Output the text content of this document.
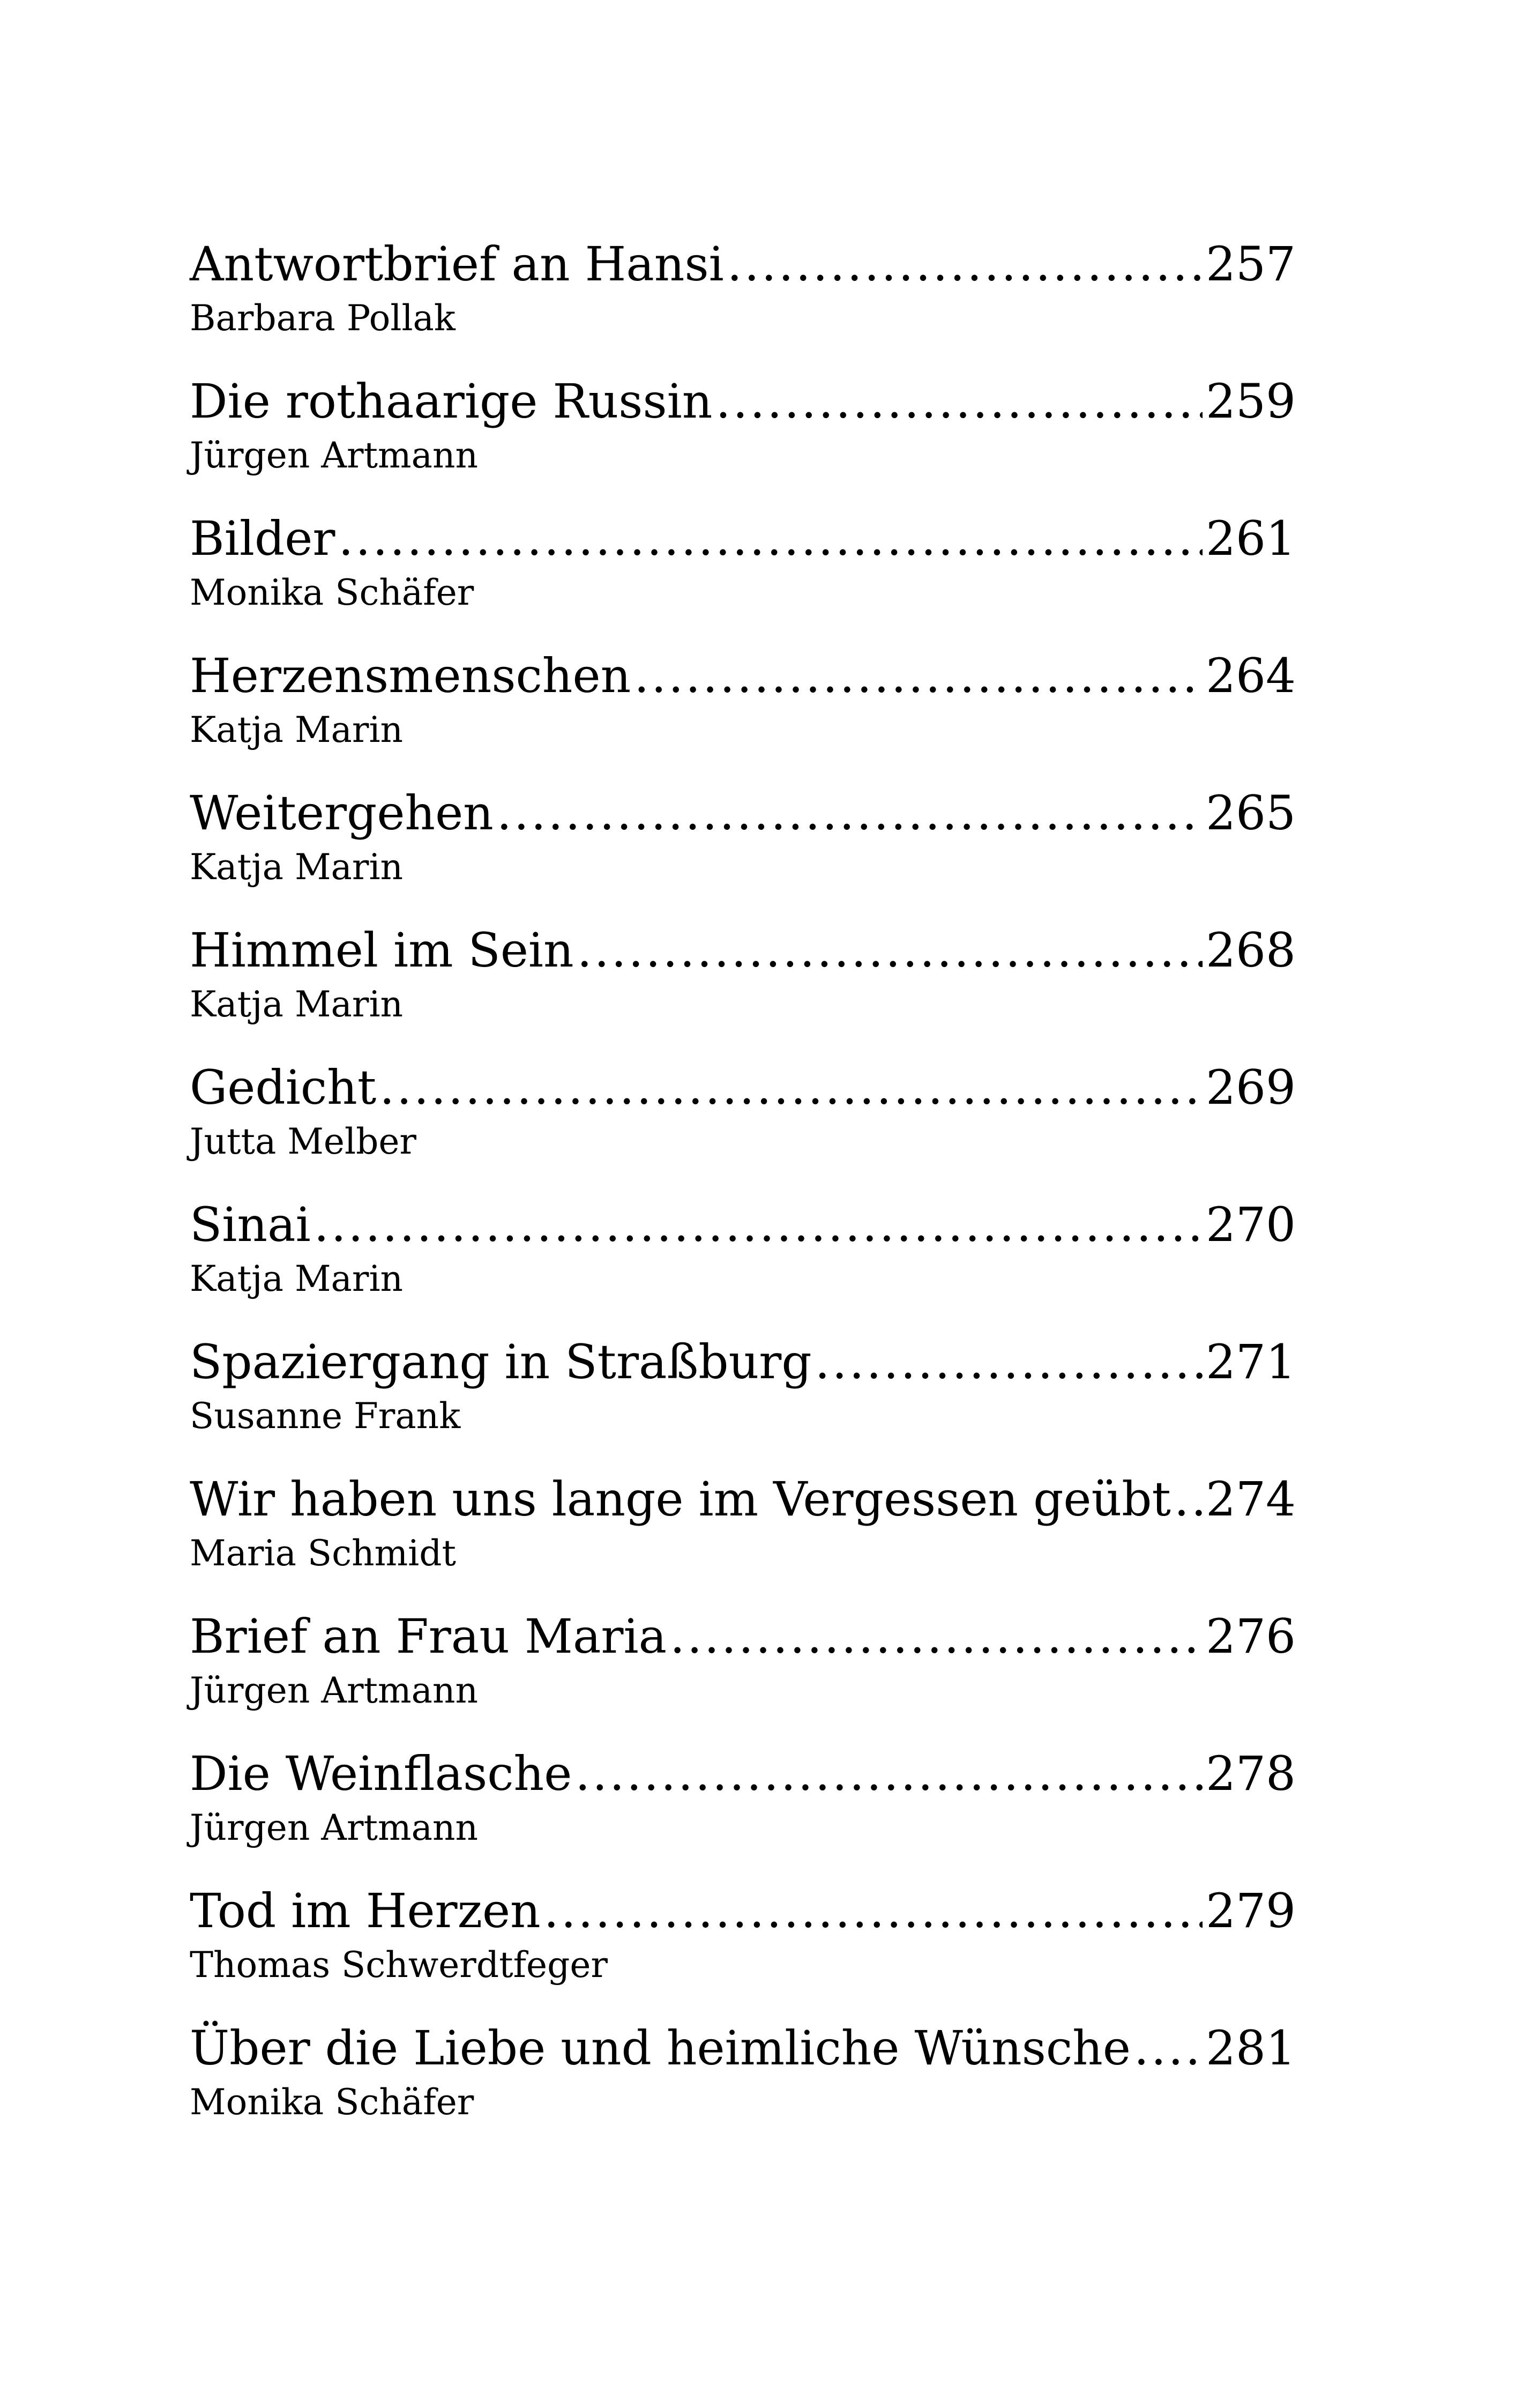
Antwortbrief an Hansi .....	257
Barbara Pollak
Die rothaarige Russin .....	259
Jürgen Artmann
Bilder .....	261
Monika Schäfer
Herzensmenschen .....	264
Katja Marin
Weitergehen .....	265
Katja Marin
Himmel im Sein .....	268
Katja Marin
Gedicht .....	269
Jutta Melber
Sinai .....	270
Katja Marin
Spaziergang in Straßburg .....	271
Susanne Frank
Wir haben uns lange im Vergessen geübt ..... 274
Maria Schmidt
Brief an Frau Maria .....	276
Jürgen Artmann
Die Weinflasche .....	278
Jürgen Artmann
Tod im Herzen .....	279
Thomas Schwerdtfeger
Über die Liebe und heimliche Wünsche ..... 281
Monika Schäfer
